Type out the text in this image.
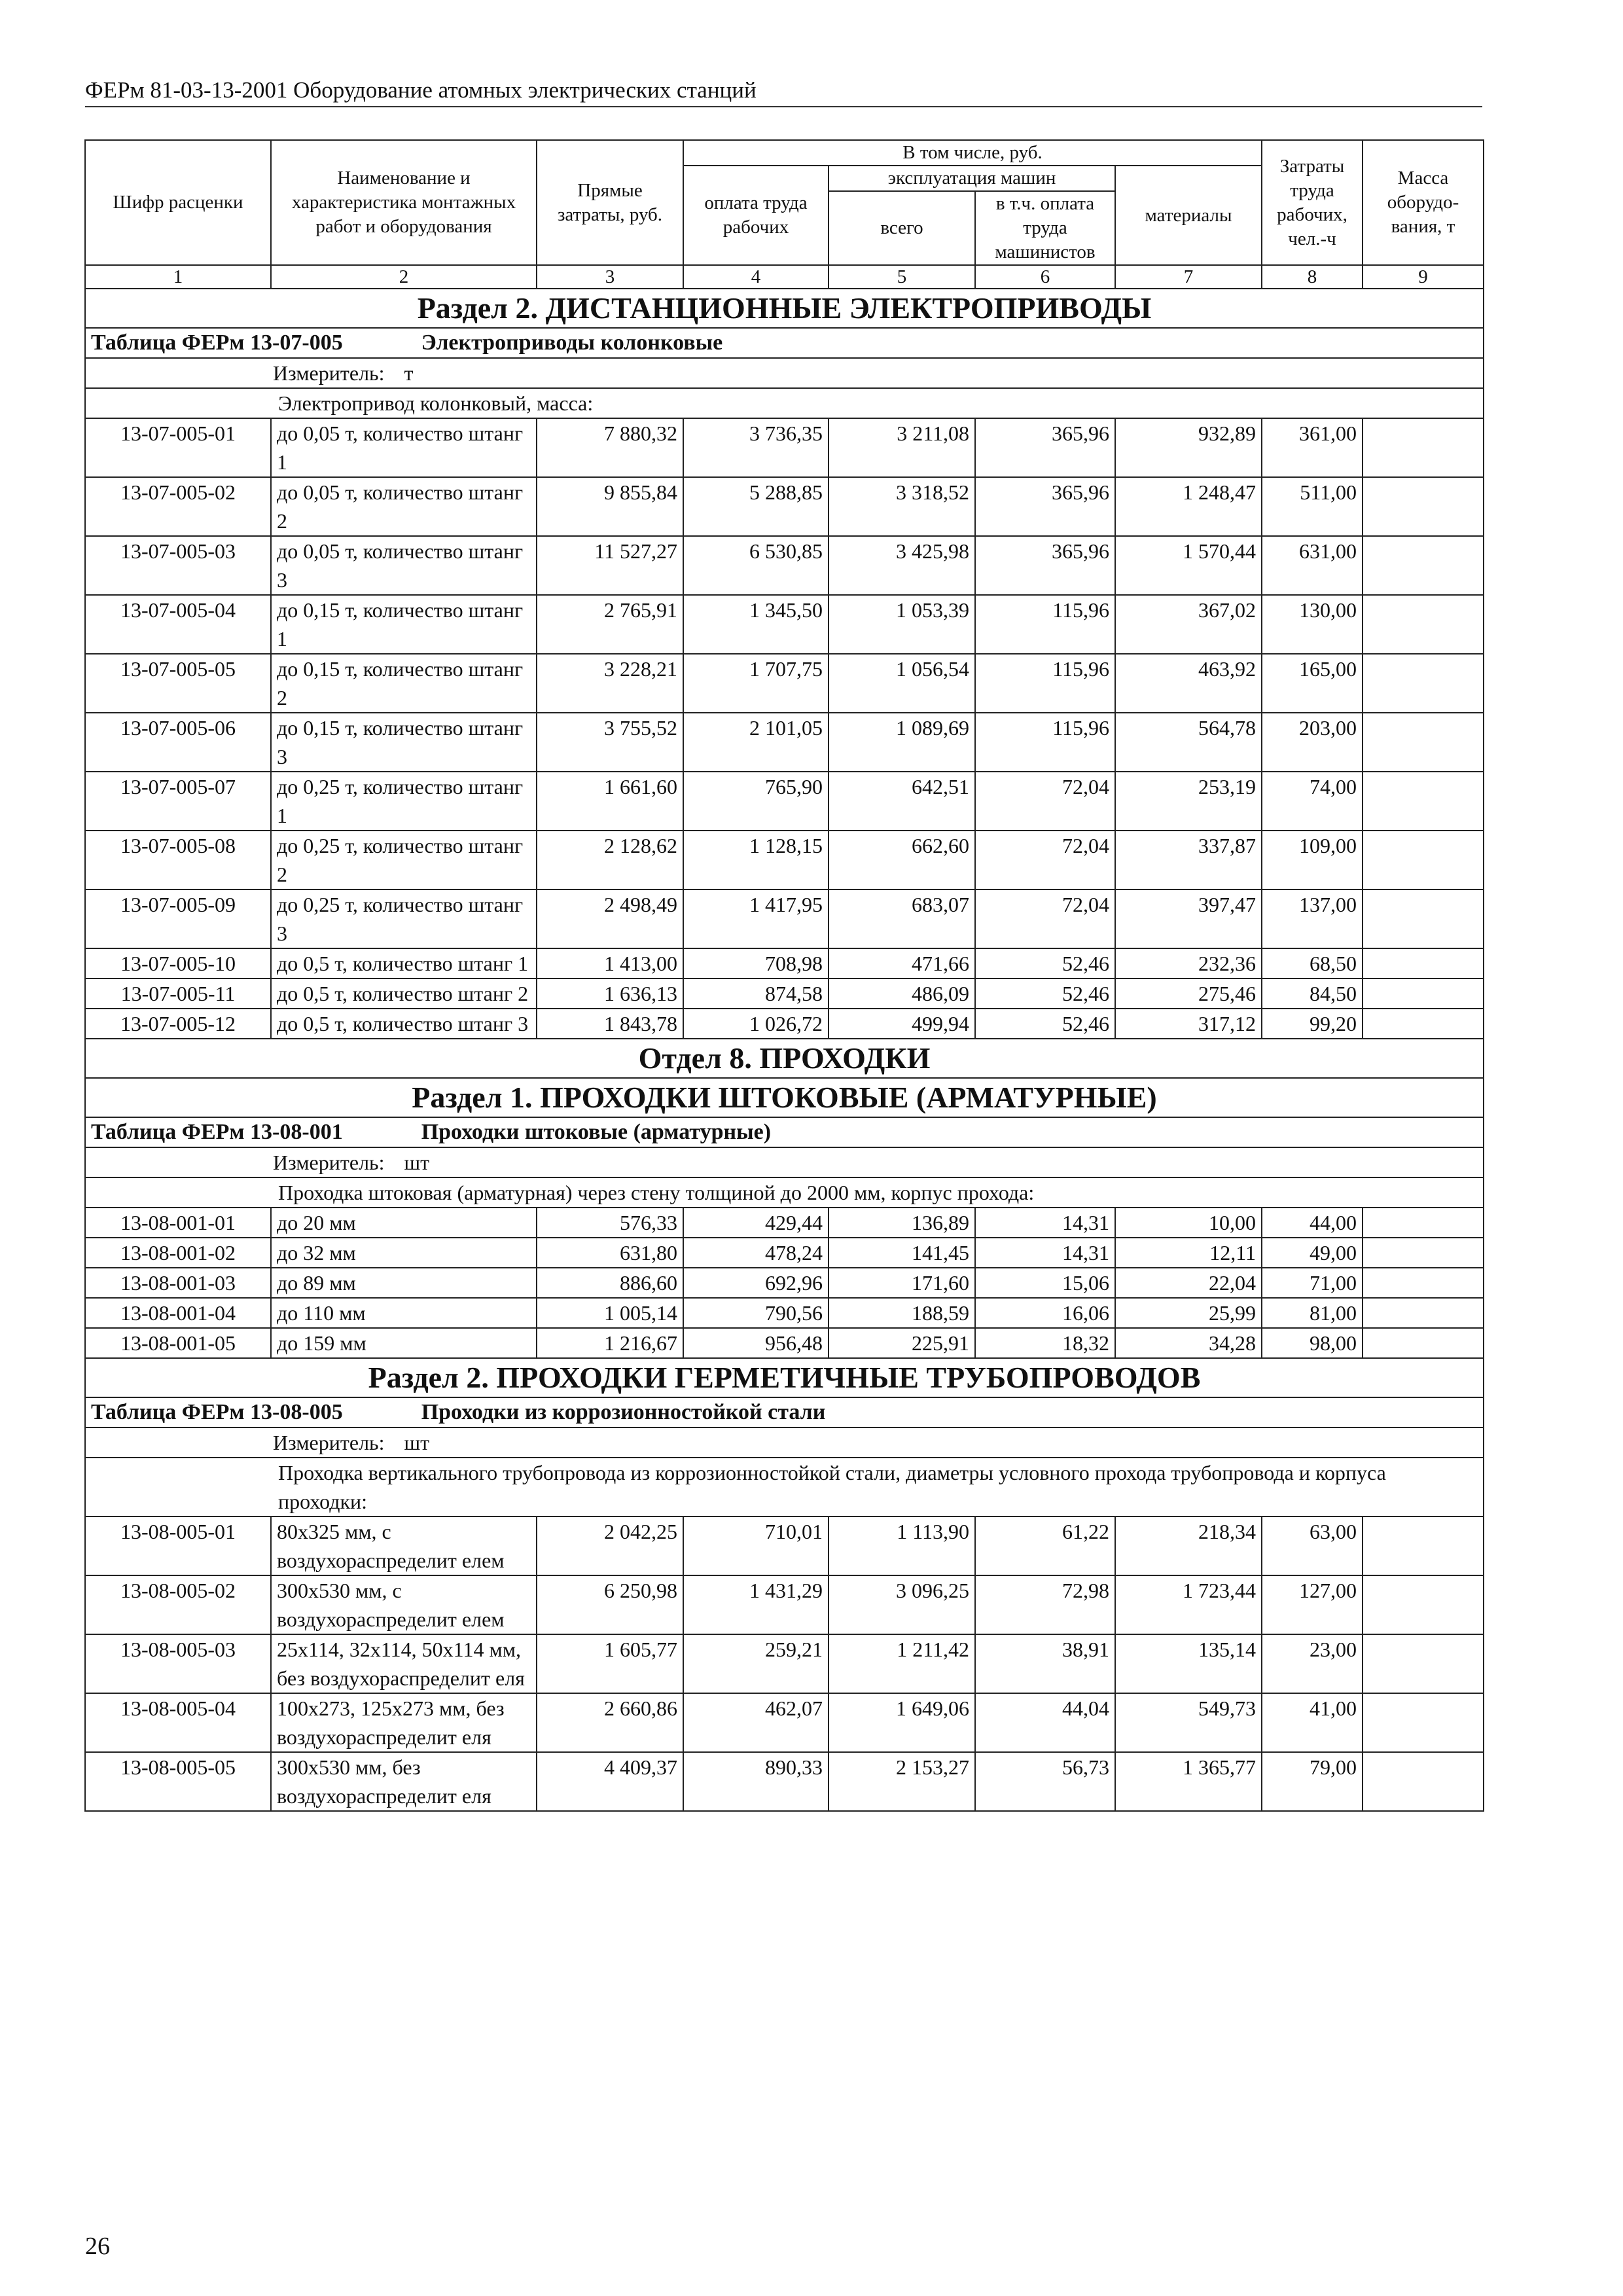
ФЕРм 81-03-13-2001 Оборудование атомных электрических станций
Шифр расценки	Наименование и характеристика монтажных работ и оборудования	Прямые затраты, руб.	В том числе, руб.				Затраты труда рабочих, чел.-ч	Масса оборудо-вания, т
			оплата труда рабочих	эксплуатация машин		материалы		
				всего	в т.ч. оплата труда машинистов			
1	2	3	4	5	6	7	8	9
Раздел 2. ДИСТАНЦИОННЫЕ ЭЛЕКТРОПРИВОДЫ								
Таблица ФЕРм 13-07-005 Электроприводы колонковые								
Измеритель: т								
Электропривод колонковый, масса:								
13-07-005-01	до 0,05 т, количество штанг 1	7 880,32	3 736,35	3 211,08	365,96	932,89	361,00	
13-07-005-02	до 0,05 т, количество штанг 2	9 855,84	5 288,85	3 318,52	365,96	1 248,47	511,00	
13-07-005-03	до 0,05 т, количество штанг 3	11 527,27	6 530,85	3 425,98	365,96	1 570,44	631,00	
13-07-005-04	до 0,15 т, количество штанг 1	2 765,91	1 345,50	1 053,39	115,96	367,02	130,00	
13-07-005-05	до 0,15 т, количество штанг 2	3 228,21	1 707,75	1 056,54	115,96	463,92	165,00	
13-07-005-06	до 0,15 т, количество штанг 3	3 755,52	2 101,05	1 089,69	115,96	564,78	203,00	
13-07-005-07	до 0,25 т, количество штанг 1	1 661,60	765,90	642,51	72,04	253,19	74,00	
13-07-005-08	до 0,25 т, количество штанг 2	2 128,62	1 128,15	662,60	72,04	337,87	109,00	
13-07-005-09	до 0,25 т, количество штанг 3	2 498,49	1 417,95	683,07	72,04	397,47	137,00	
13-07-005-10	до 0,5 т, количество штанг 1	1 413,00	708,98	471,66	52,46	232,36	68,50	
13-07-005-11	до 0,5 т, количество штанг 2	1 636,13	874,58	486,09	52,46	275,46	84,50	
13-07-005-12	до 0,5 т, количество штанг 3	1 843,78	1 026,72	499,94	52,46	317,12	99,20	
Отдел 8. ПРОХОДКИ								
Раздел 1. ПРОХОДКИ ШТОКОВЫЕ (АРМАТУРНЫЕ)								
Таблица ФЕРм 13-08-001 Проходки штоковые (арматурные)								
Измеритель: шт								
Проходка штоковая (арматурная) через стену толщиной до 2000 мм, корпус прохода:								
13-08-001-01	до 20 мм	576,33	429,44	136,89	14,31	10,00	44,00	
13-08-001-02	до 32 мм	631,80	478,24	141,45	14,31	12,11	49,00	
13-08-001-03	до 89 мм	886,60	692,96	171,60	15,06	22,04	71,00	
13-08-001-04	до 110 мм	1 005,14	790,56	188,59	16,06	25,99	81,00	
13-08-001-05	до 159 мм	1 216,67	956,48	225,91	18,32	34,28	98,00	
Раздел 2. ПРОХОДКИ ГЕРМЕТИЧНЫЕ ТРУБОПРОВОДОВ								
Таблица ФЕРм 13-08-005 Проходки из коррозионностойкой стали								
Измеритель: шт								
Проходка вертикального трубопровода из коррозионностойкой стали, диаметры условного прохода трубопровода и корпуса проходки:								
13-08-005-01	80х325 мм, с воздухораспределит елем	2 042,25	710,01	1 113,90	61,22	218,34	63,00	
13-08-005-02	300х530 мм, с воздухораспределит елем	6 250,98	1 431,29	3 096,25	72,98	1 723,44	127,00	
13-08-005-03	25х114, 32х114, 50х114 мм, без воздухораспределит еля	1 605,77	259,21	1 211,42	38,91	135,14	23,00	
13-08-005-04	100х273, 125х273 мм, без воздухораспределит еля	2 660,86	462,07	1 649,06	44,04	549,73	41,00	
13-08-005-05	300х530 мм, без воздухораспределит еля	4 409,37	890,33	2 153,27	56,73	1 365,77	79,00	
26
